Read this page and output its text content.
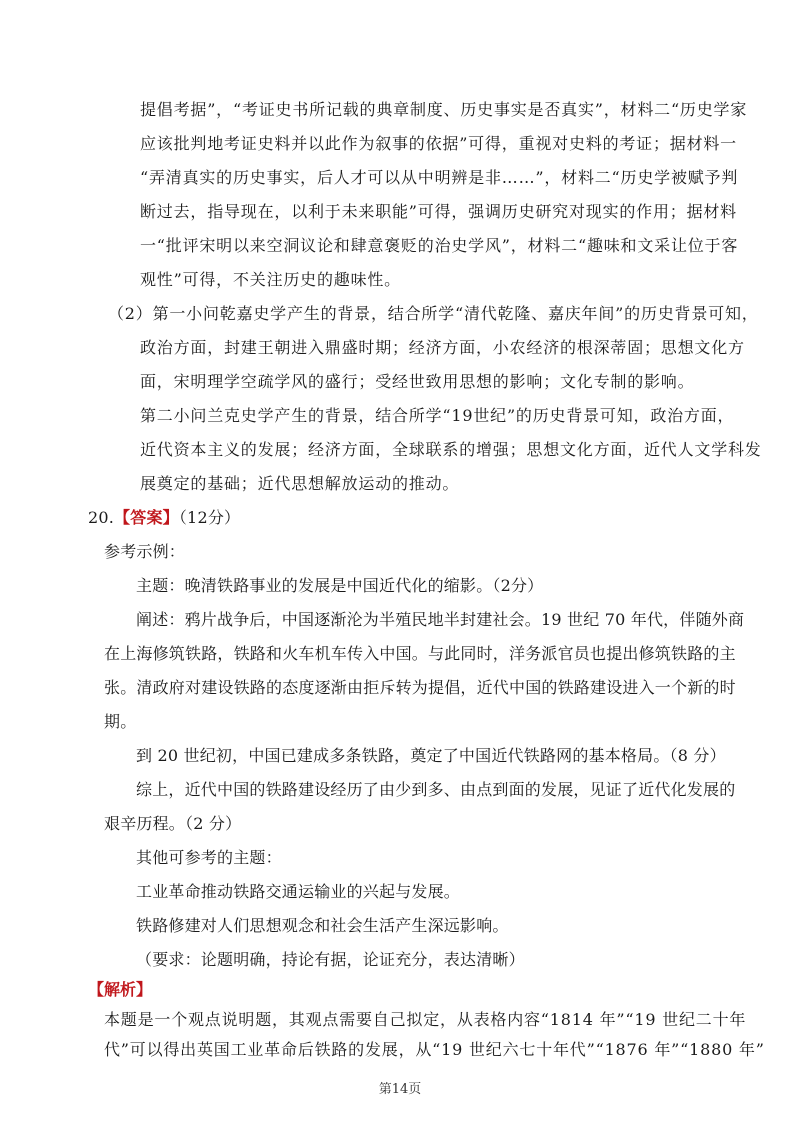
提倡考据”，“考证史书所记载的典章制度、历史事实是否真实”，材料二“历史学家
应该批判地考证史料并以此作为叙事的依据”可得，重视对史料的考证；据材料一
“弄清真实的历史事实，后人才可以从中明辨是非……”，材料二“历史学被赋予判
断过去，指导现在，以利于未来职能”可得，强调历史研究对现实的作用；据材料
一“批评宋明以来空洞议论和肆意褒贬的治史学风”，材料二“趣味和文采让位于客
观性”可得，不关注历史的趣味性。
（2）第一小问乾嘉史学产生的背景，结合所学“清代乾隆、嘉庆年间”的历史背景可知，
政治方面，封建王朝进入鼎盛时期；经济方面，小农经济的根深蒂固；思想文化方
面，宋明理学空疏学风的盛行；受经世致用思想的影响；文化专制的影响。
第二小问兰克史学产生的背景，结合所学“19世纪”的历史背景可知，政治方面，
近代资本主义的发展；经济方面，全球联系的增强；思想文化方面，近代人文学科发
展奠定的基础；近代思想解放运动的推动。
20.【答案】（12分）
参考示例：
主题：晚清铁路事业的发展是中国近代化的缩影。（2分）
阐述：鸦片战争后，中国逐渐沦为半殖民地半封建社会。19 世纪 70 年代，伴随外商
在上海修筑铁路，铁路和火车机车传入中国。与此同时，洋务派官员也提出修筑铁路的主
张。清政府对建设铁路的态度逐渐由拒斥转为提倡，近代中国的铁路建设进入一个新的时
期。
到 20 世纪初，中国已建成多条铁路，奠定了中国近代铁路网的基本格局。（8 分）
综上，近代中国的铁路建设经历了由少到多、由点到面的发展，见证了近代化发展的
艰辛历程。（2 分）
其他可参考的主题：
工业革命推动铁路交通运输业的兴起与发展。
铁路修建对人们思想观念和社会生活产生深远影响。
（要求：论题明确，持论有据，论证充分，表达清晰）
【解析】
本题是一个观点说明题，其观点需要自己拟定，从表格内容“1814 年”“19 世纪二十年
代”可以得出英国工业革命后铁路的发展，从“19 世纪六七十年代”“1876 年”“1880 年”
第14页
